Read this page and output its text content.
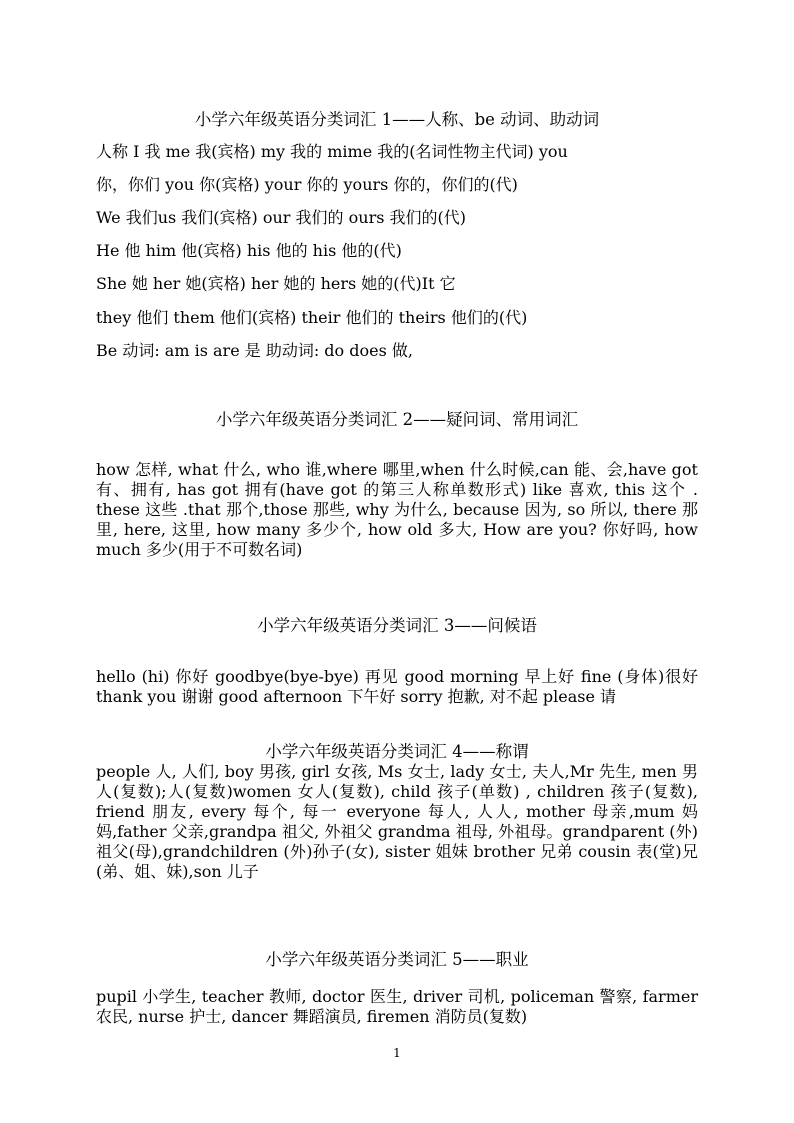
小学六年级英语分类词汇 1——人称、be 动词、助动词
人称 I 我 me 我(宾格) my 我的 mime 我的(名词性物主代词) you
你，你们 you 你(宾格) your 你的 yours 你的，你们的(代)
We 我们us 我们(宾格) our 我们的 ours 我们的(代)
He 他 him 他(宾格) his 他的 his 他的(代)
She 她 her 她(宾格) her 她的 hers 她的(代)It 它
they 他们 them 他们(宾格) their 他们的 theirs 他们的(代)
Be 动词: am is are 是 助动词: do does 做,
小学六年级英语分类词汇 2——疑问词、常用词汇

how 怎样, what 什么, who 谁,where 哪里,when 什么时候,can 能、会,have got 有、拥有, has got 拥有(have got 的第三人称单数形式) like 喜欢, this 这个 . these 这些 .that 那个,those 那些, why 为什么, because 因为, so 所以, there 那里, here, 这里, how many 多少个, how old 多大, How are you? 你好吗, how much 多少(用于不可数名词)

小学六年级英语分类词汇 3——问候语

hello (hi) 你好 goodbye(bye-bye) 再见 good morning 早上好 fine (身体)很好 thank you 谢谢 good afternoon 下午好 sorry 抱歉, 对不起 please 请

小学六年级英语分类词汇 4——称谓

people 人, 人们, boy 男孩, girl 女孩, Ms 女士, lady 女士, 夫人,Mr 先生, men 男人(复数);人(复数)women 女人(复数), child 孩子(单数) , children 孩子(复数), friend 朋友, every 每个, 每一 everyone 每人, 人人, mother 母亲,mum 妈妈,father 父亲,grandpa 祖父, 外祖父 grandma 祖母, 外祖母。grandparent (外)祖父(母),grandchildren (外)孙子(女), sister 姐妹 brother 兄弟 cousin 表(堂)兄(弟、姐、妹),son 儿子

小学六年级英语分类词汇 5——职业

pupil 小学生, teacher 教师, doctor 医生, driver 司机, policeman 警察, farmer 农民, nurse 护士, dancer 舞蹈演员, firemen 消防员(复数)

1
